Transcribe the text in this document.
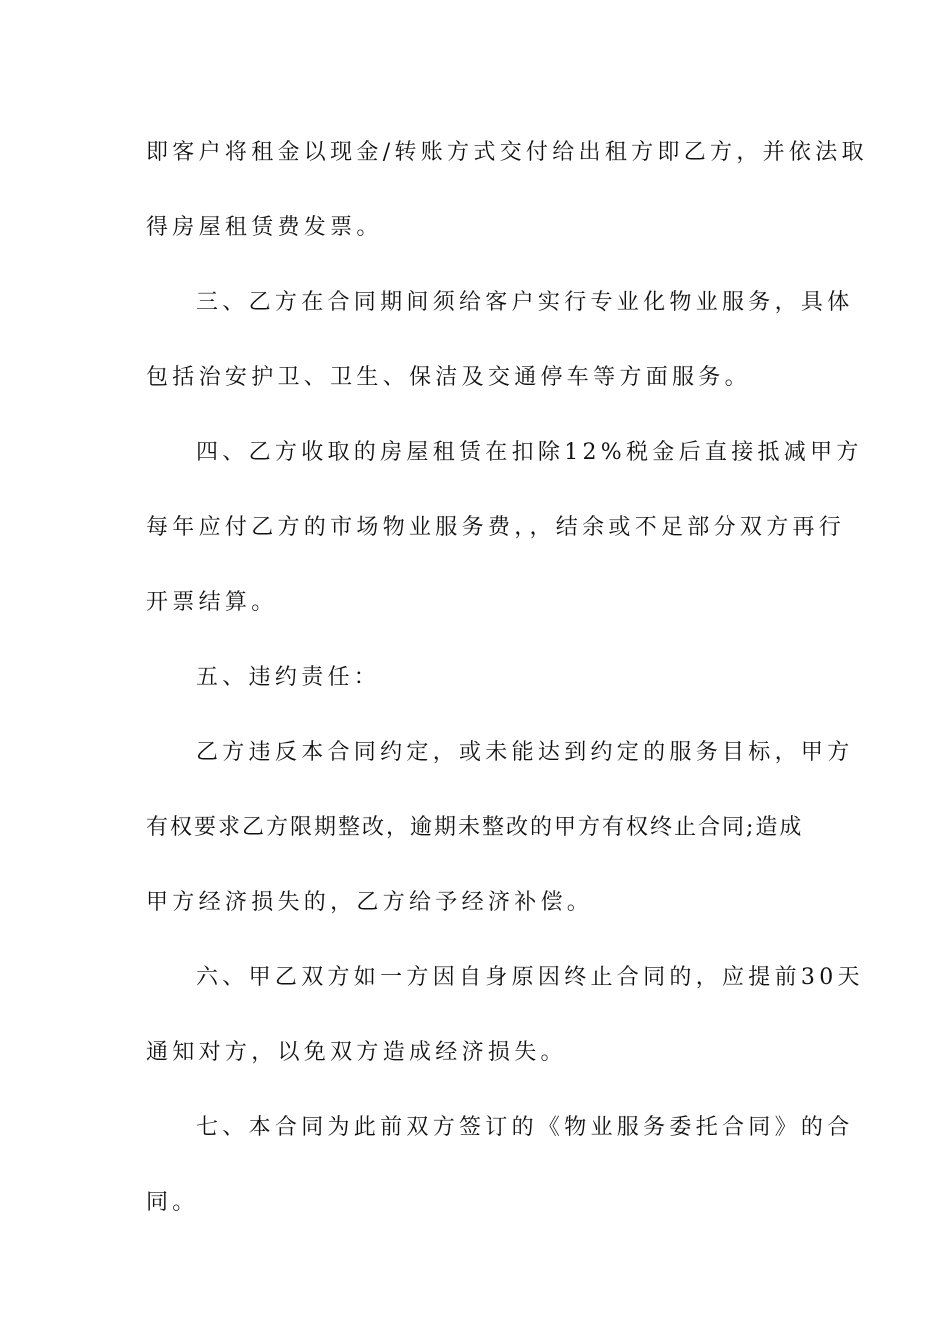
即客户将租金以现金/转账方式交付给出租方即乙方，并依法取
得房屋租赁费发票。
三、乙方在合同期间须给客户实行专业化物业服务，具体
包括治安护卫、卫生、保洁及交通停车等方面服务。
四、乙方收取的房屋租赁在扣除12%税金后直接抵减甲方
每年应付乙方的市场物业服务费，，结余或不足部分双方再行
开票结算。
五、违约责任：
乙方违反本合同约定，或未能达到约定的服务目标，甲方
有权要求乙方限期整改，逾期未整改的甲方有权终止合同;造成
甲方经济损失的，乙方给予经济补偿。
六、甲乙双方如一方因自身原因终止合同的，应提前30天
通知对方，以免双方造成经济损失。
七、本合同为此前双方签订的《物业服务委托合同》的合
同。
